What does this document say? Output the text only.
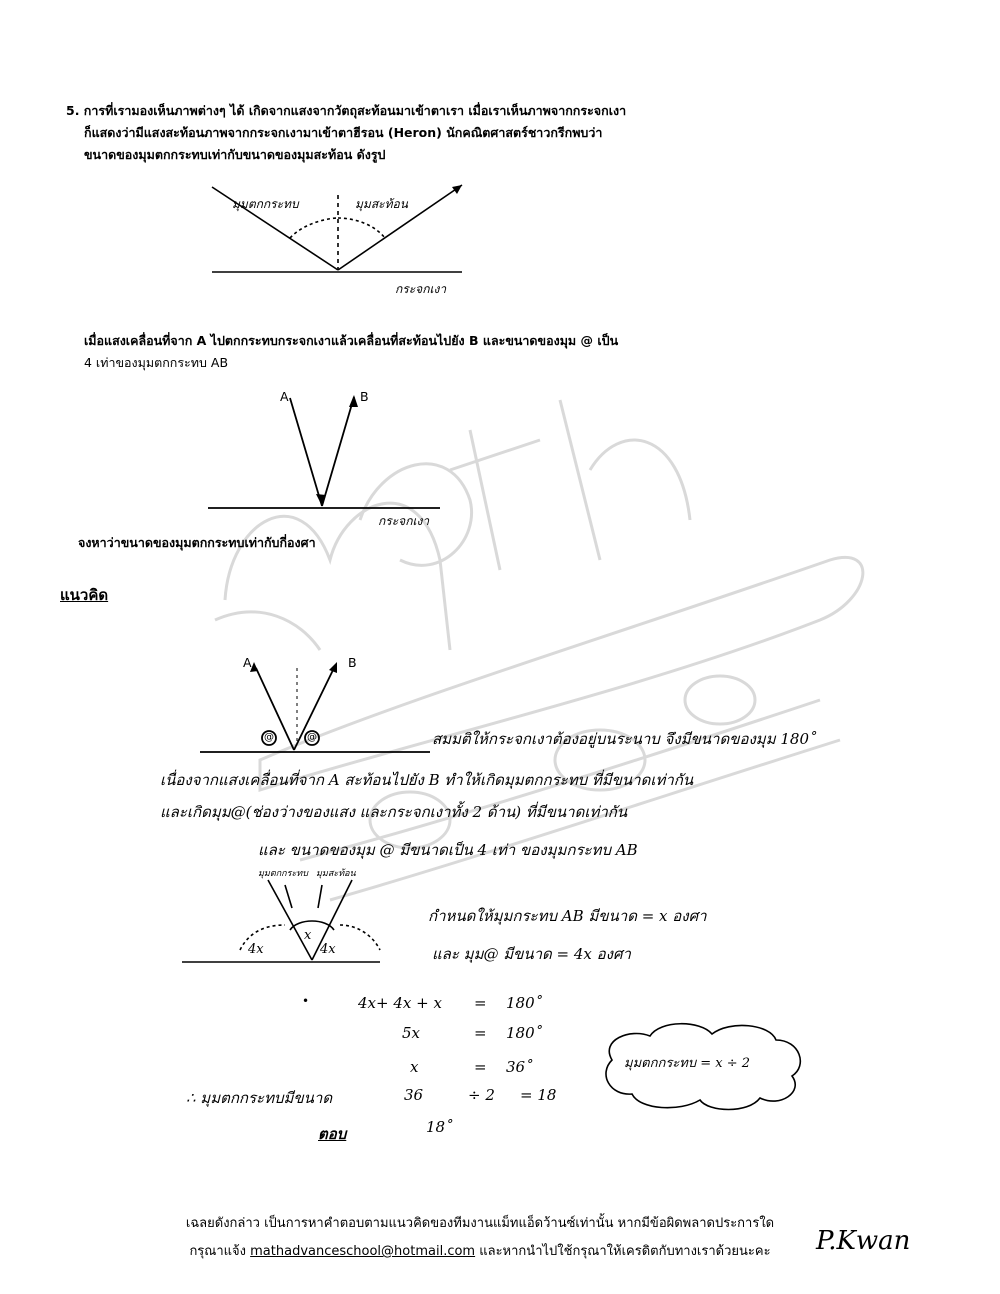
5. การที่เรามองเห็นภาพต่างๆ ได้ เกิดจากแสงจากวัตถุสะท้อนมาเข้าตาเรา เมื่อเราเห็นภาพจากกระจกเงา
ก็แสดงว่ามีแสงสะท้อนภาพจากกระจกเงามาเข้าตาฮีรอน (Heron) นักคณิตศาสตร์ชาวกรีกพบว่า
ขนาดของมุมตกกระทบเท่ากับขนาดของมุมสะท้อน ดังรูป
มุมตกกระทบ	มุมสะท้อน
กระจกเงา
เมื่อแสงเคลื่อนที่จาก A ไปตกกระทบกระจกเงาแล้วเคลื่อนที่สะท้อนไปยัง B และขนาดของมุม @ เป็น
4 เท่าของมุมตกกระทบ AB
A	B
กระจกเงา
จงหาว่าขนาดของมุมตกกระทบเท่ากับกี่องศา
แนวคิด
A	B
@	@	สมมติให้กระจกเงาต้องอยู่บนระนาบ จึงมีขนาดของมุม 180˚
เนื่องจากแสงเคลื่อนที่จาก A สะท้อนไปยัง B ทำให้เกิดมุมตกกระทบ ที่มีขนาดเท่ากัน
และเกิดมุม@(ช่องว่างของแสง และกระจกเงาทั้ง 2 ด้าน) ที่มีขนาดเท่ากัน
และ ขนาดของมุม @ มีขนาดเป็น 4 เท่า ของมุมกระทบ AB
มุมตกกระทบ มุมสะท้อน
x
4x	4x
กำหนดให้มุมกระทบ AB มีขนาด = x องศา
และ มุม@ มีขนาด = 4x องศา
•	4x+ 4x + x = 180˚
5x	= 180˚
x	= 36˚	มุมตกกระทบ = x ÷ 2
∴ มุมตกกระทบมีขนาด	36	÷ 2 = 18
ตอบ	18˚
เฉลยดังกล่าว เป็นการหาคำตอบตามแนวคิดของทีมงานแม็ทแอ็ดว้านซ์เท่านั้น หากมีข้อผิดพลาดประการใด
กรุณาแจ้ง mathadvanceschool@hotmail.com และหากนำไปใช้กรุณาให้เครดิตกับทางเราด้วยนะคะ	P.Kwan
